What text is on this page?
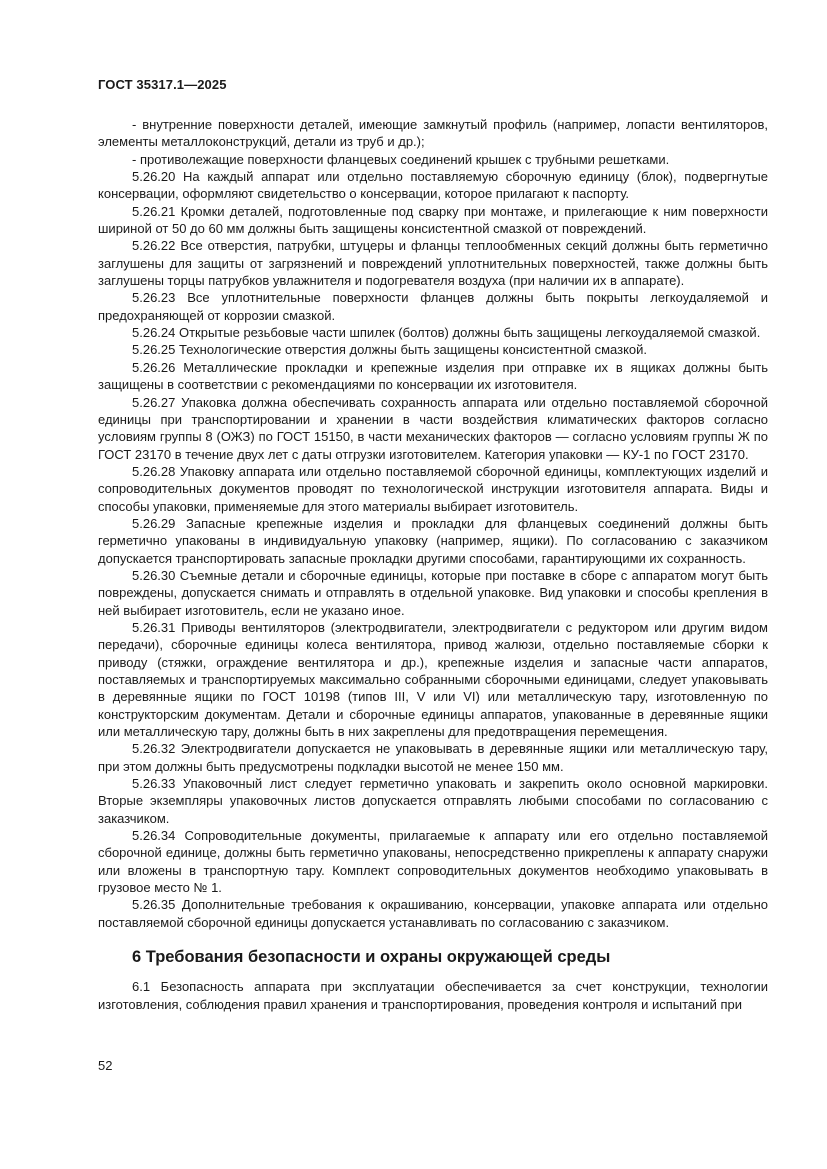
ГОСТ 35317.1—2025

- внутренние поверхности деталей, имеющие замкнутый профиль (например, лопасти вентиляторов, элементы металлоконструкций, детали из труб и др.);

- противолежащие поверхности фланцевых соединений крышек с трубными решетками.

5.26.20 На каждый аппарат или отдельно поставляемую сборочную единицу (блок), подвергнутые консервации, оформляют свидетельство о консервации, которое прилагают к паспорту.

5.26.21 Кромки деталей, подготовленные под сварку при монтаже, и прилегающие к ним поверхности шириной от 50 до 60 мм должны быть защищены консистентной смазкой от повреждений.

5.26.22 Все отверстия, патрубки, штуцеры и фланцы теплообменных секций должны быть герметично заглушены для защиты от загрязнений и повреждений уплотнительных поверхностей, также должны быть заглушены торцы патрубков увлажнителя и подогревателя воздуха (при наличии их в аппарате).

5.26.23 Все уплотнительные поверхности фланцев должны быть покрыты легкоудаляемой и предохраняющей от коррозии смазкой.

5.26.24 Открытые резьбовые части шпилек (болтов) должны быть защищены легкоудаляемой смазкой.

5.26.25 Технологические отверстия должны быть защищены консистентной смазкой.

5.26.26 Металлические прокладки и крепежные изделия при отправке их в ящиках должны быть защищены в соответствии с рекомендациями по консервации их изготовителя.

5.26.27 Упаковка должна обеспечивать сохранность аппарата или отдельно поставляемой сборочной единицы при транспортировании и хранении в части воздействия климатических факторов согласно условиям группы 8 (ОЖЗ) по ГОСТ 15150, в части механических факторов — согласно условиям группы Ж по ГОСТ 23170 в течение двух лет с даты отгрузки изготовителем. Категория упаковки — КУ-1 по ГОСТ 23170.

5.26.28 Упаковку аппарата или отдельно поставляемой сборочной единицы, комплектующих изделий и сопроводительных документов проводят по технологической инструкции изготовителя аппарата. Виды и способы упаковки, применяемые для этого материалы выбирает изготовитель.

5.26.29 Запасные крепежные изделия и прокладки для фланцевых соединений должны быть герметично упакованы в индивидуальную упаковку (например, ящики). По согласованию с заказчиком допускается транспортировать запасные прокладки другими способами, гарантирующими их сохранность.

5.26.30 Съемные детали и сборочные единицы, которые при поставке в сборе с аппаратом могут быть повреждены, допускается снимать и отправлять в отдельной упаковке. Вид упаковки и способы крепления в ней выбирает изготовитель, если не указано иное.

5.26.31 Приводы вентиляторов (электродвигатели, электродвигатели с редуктором или другим видом передачи), сборочные единицы колеса вентилятора, привод жалюзи, отдельно поставляемые сборки к приводу (стяжки, ограждение вентилятора и др.), крепежные изделия и запасные части аппаратов, поставляемых и транспортируемых максимально собранными сборочными единицами, следует упаковывать в деревянные ящики по ГОСТ 10198 (типов III, V или VI) или металлическую тару, изготовленную по конструкторским документам. Детали и сборочные единицы аппаратов, упакованные в деревянные ящики или металлическую тару, должны быть в них закреплены для предотвращения перемещения.

5.26.32 Электродвигатели допускается не упаковывать в деревянные ящики или металлическую тару, при этом должны быть предусмотрены подкладки высотой не менее 150 мм.

5.26.33 Упаковочный лист следует герметично упаковать и закрепить около основной маркировки. Вторые экземпляры упаковочных листов допускается отправлять любыми способами по согласованию с заказчиком.

5.26.34 Сопроводительные документы, прилагаемые к аппарату или его отдельно поставляемой сборочной единице, должны быть герметично упакованы, непосредственно прикреплены к аппарату снаружи или вложены в транспортную тару. Комплект сопроводительных документов необходимо упаковывать в грузовое место № 1.

5.26.35 Дополнительные требования к окрашиванию, консервации, упаковке аппарата или отдельно поставляемой сборочной единицы допускается устанавливать по согласованию с заказчиком.

6 Требования безопасности и охраны окружающей среды

6.1 Безопасность аппарата при эксплуатации обеспечивается за счет конструкции, технологии изготовления, соблюдения правил хранения и транспортирования, проведения контроля и испытаний при

52
